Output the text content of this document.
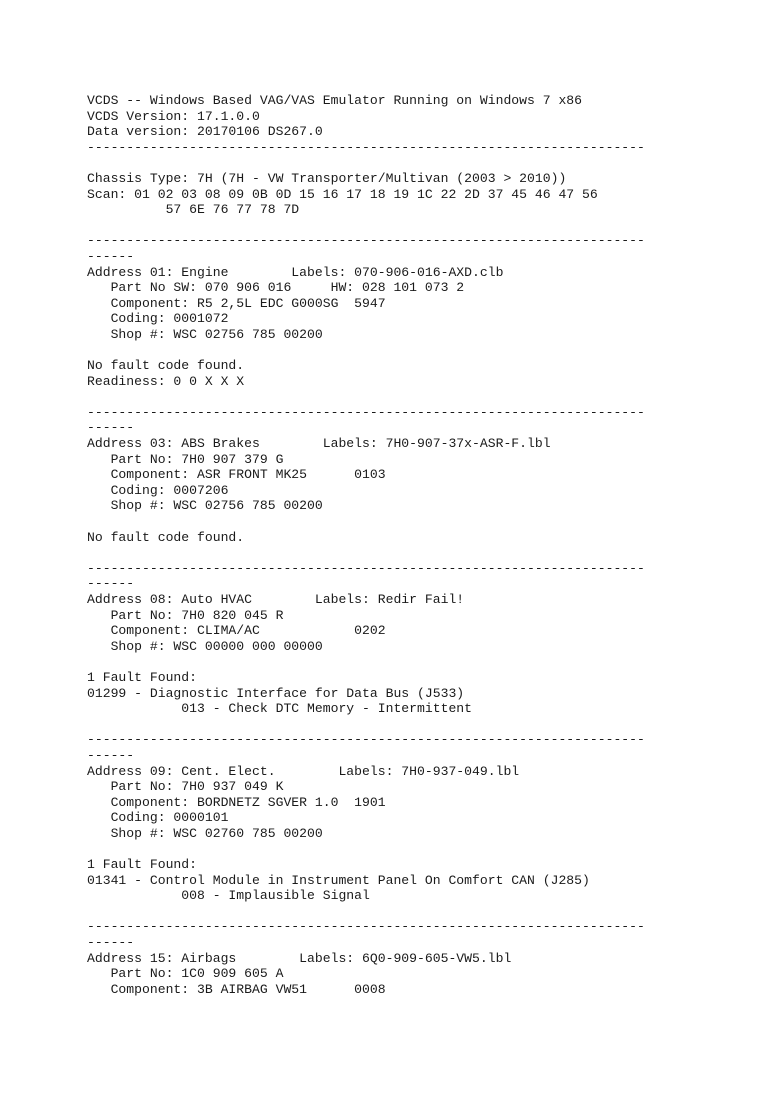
VCDS -- Windows Based VAG/VAS Emulator Running on Windows 7 x86
VCDS Version: 17.1.0.0
Data version: 20170106 DS267.0
-----------------------------------------------------------------------
Chassis Type: 7H (7H - VW Transporter/Multivan (2003 > 2010))
Scan: 01 02 03 08 09 0B 0D 15 16 17 18 19 1C 22 2D 37 45 46 47 56
57 6E 76 77 78 7D
-----------------------------------------------------------------------
------
Address 01: Engine        Labels: 070-906-016-AXD.clb
Part No SW: 070 906 016     HW: 028 101 073 2
Component: R5 2,5L EDC G000SG  5947
Coding: 0001072
Shop #: WSC 02756 785 00200
No fault code found.
Readiness: 0 0 X X X
-----------------------------------------------------------------------
------
Address 03: ABS Brakes        Labels: 7H0-907-37x-ASR-F.lbl
Part No: 7H0 907 379 G
Component: ASR FRONT MK25      0103
Coding: 0007206
Shop #: WSC 02756 785 00200
No fault code found.
-----------------------------------------------------------------------
------
Address 08: Auto HVAC        Labels: Redir Fail!
Part No: 7H0 820 045 R
Component: CLIMA/AC            0202
Shop #: WSC 00000 000 00000
1 Fault Found:
01299 - Diagnostic Interface for Data Bus (J533)
013 - Check DTC Memory - Intermittent
-----------------------------------------------------------------------
------
Address 09: Cent. Elect.        Labels: 7H0-937-049.lbl
Part No: 7H0 937 049 K
Component: BORDNETZ SGVER 1.0  1901
Coding: 0000101
Shop #: WSC 02760 785 00200
1 Fault Found:
01341 - Control Module in Instrument Panel On Comfort CAN (J285)
008 - Implausible Signal
-----------------------------------------------------------------------
------
Address 15: Airbags        Labels: 6Q0-909-605-VW5.lbl
Part No: 1C0 909 605 A
Component: 3B AIRBAG VW51      0008
